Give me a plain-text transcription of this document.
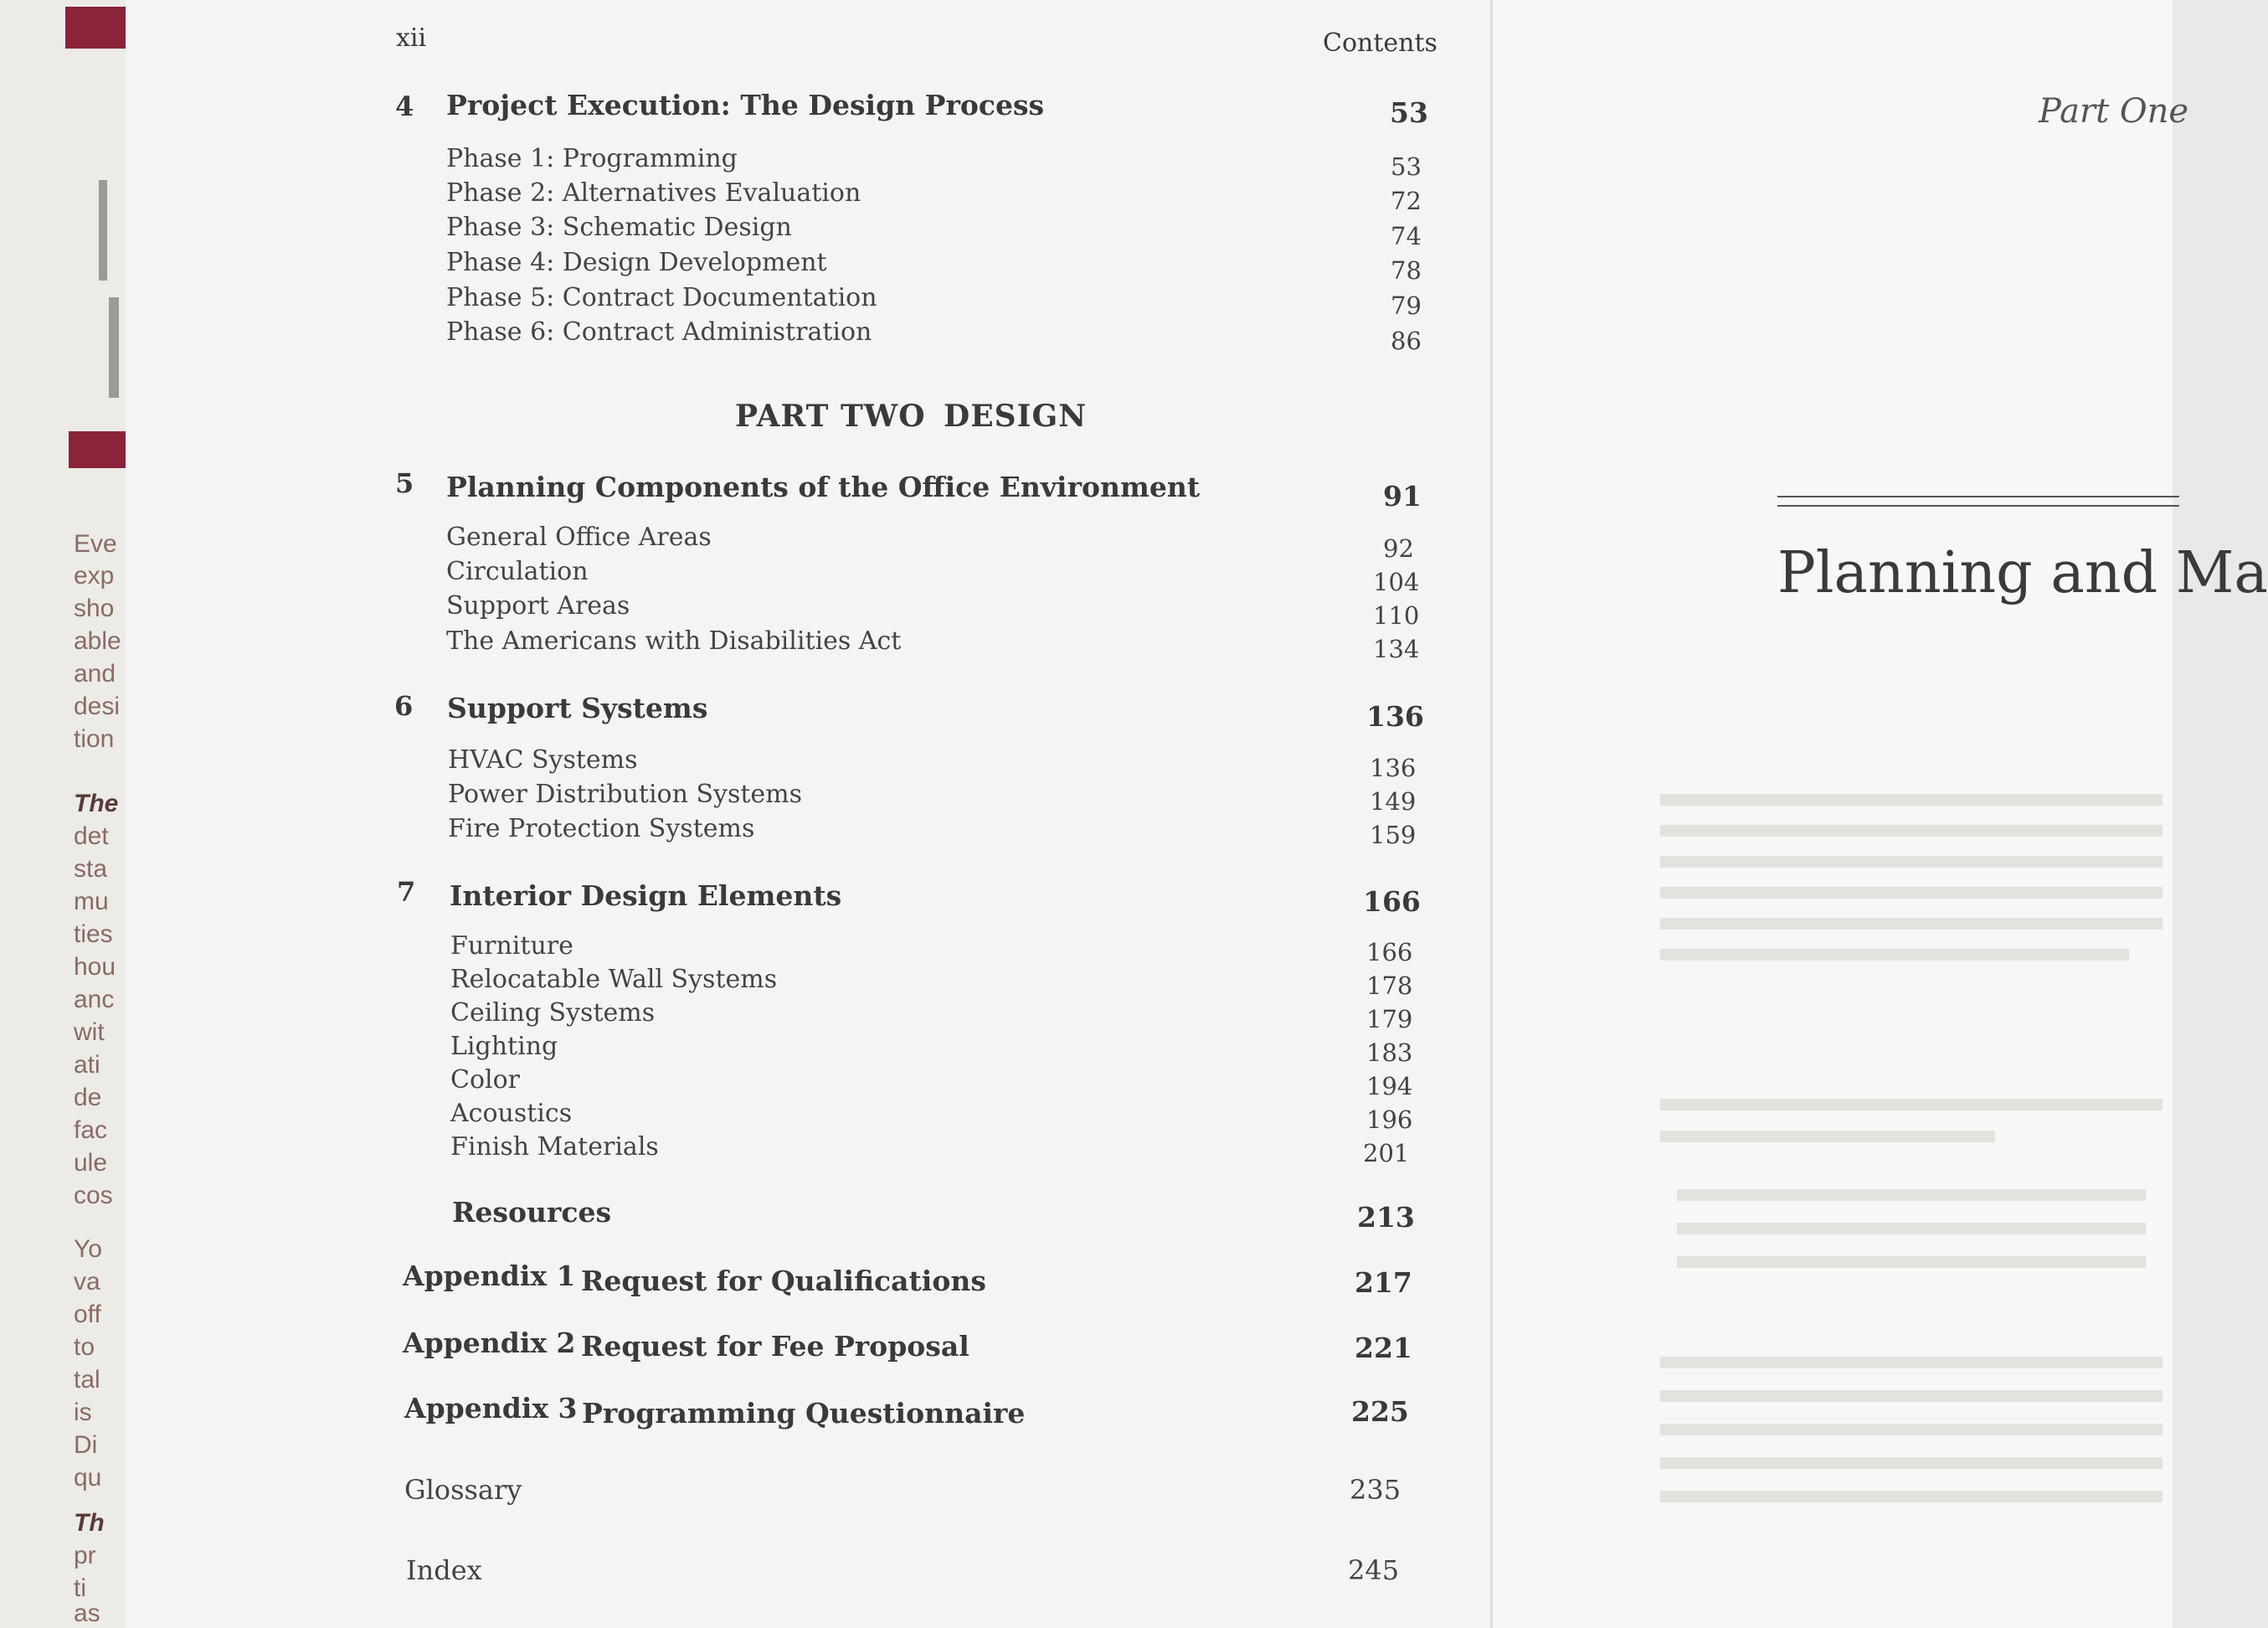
Eve
exp
sho
able
and
desi
tion
The
det
sta
mu
ties
hou
anc
wit
ati
de
fac
ule
cos
Yo
va
off
to
tal
is
Di
qu
Th
pr
ti
as
xii	Contents
4 Project Execution: The Design Process	53
Phase 1: Programming	53
Phase 2: Alternatives Evaluation	72
Phase 3: Schematic Design	74
Phase 4: Design Development	78
Phase 5: Contract Documentation	79
Phase 6: Contract Administration	86
PART TWO DESIGN
5 Planning Components of the Office Environment	91
General Office Areas	92
Circulation	104
Support Areas	110
The Americans with Disabilities Act	134
6 Support Systems	136
HVAC Systems	136
Power Distribution Systems	149
Fire Protection Systems	159
7 Interior Design Elements	166
Furniture	166
Relocatable Wall Systems	178
Ceiling Systems	179
Lighting	183
Color	194
Acoustics	196
Finish Materials	201
Resources	213
Appendix 1 Request for Qualifications	217
Appendix 2 Request for Fee Proposal	221
Appendix 3 Programming Questionnaire	225
Glossary	235
Index	245
Part One
Planning and Ma
